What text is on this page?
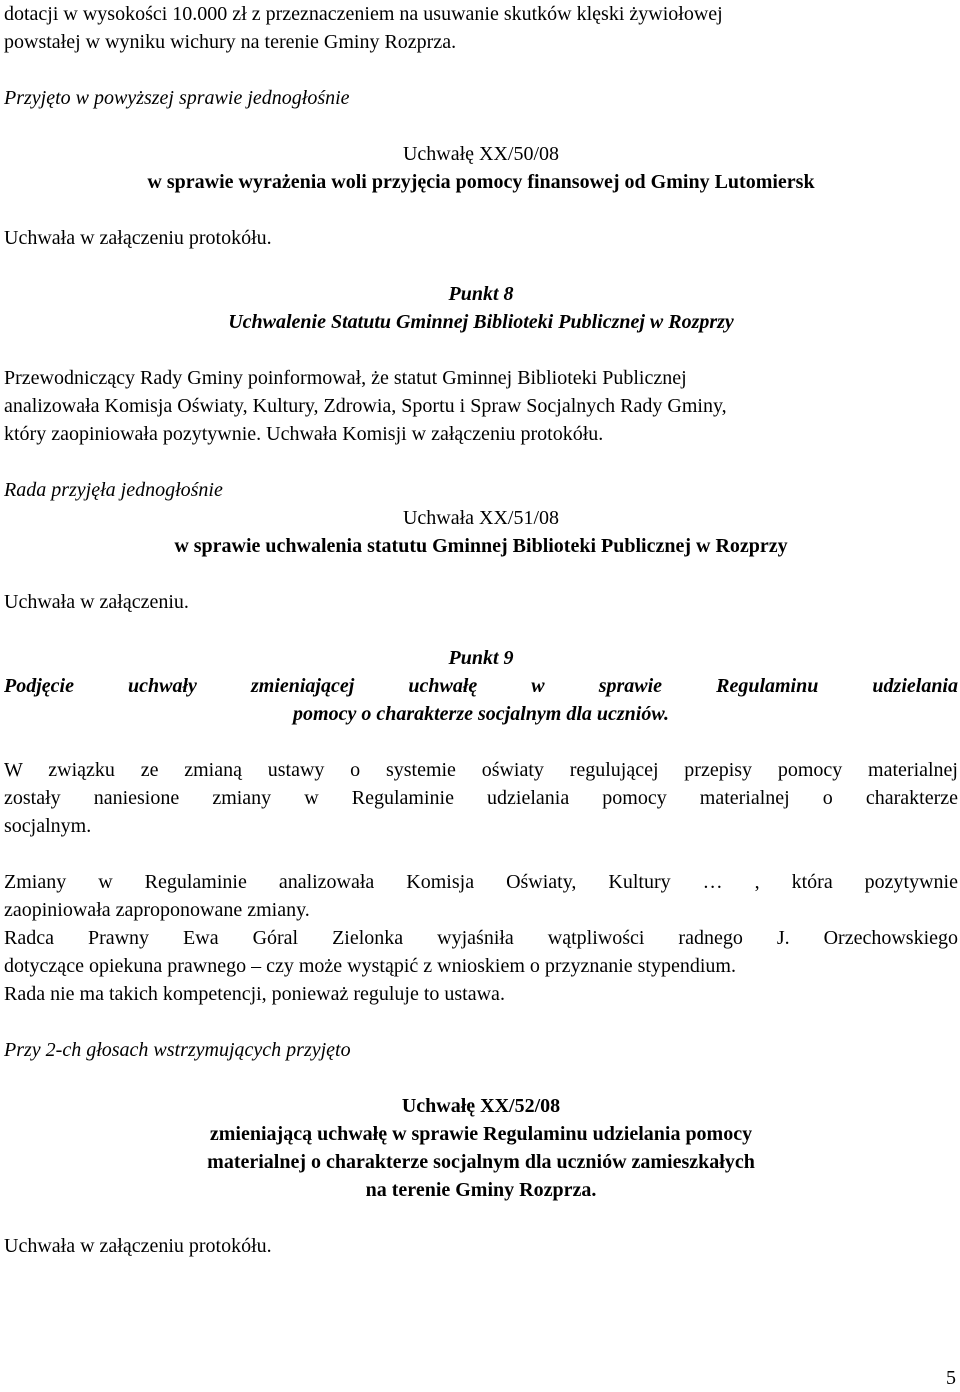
dotacji w wysokości 10.000 zł z przeznaczeniem na usuwanie skutków klęski żywiołowej

powstałej w wyniku wichury na terenie Gminy Rozprza.

Przyjęto w powyższej sprawie jednogłośnie

Uchwałę XX/50/08

w sprawie wyrażenia woli przyjęcia pomocy finansowej od Gminy Lutomiersk

Uchwała w załączeniu protokółu.

Punkt 8

Uchwalenie Statutu Gminnej Biblioteki Publicznej w Rozprzy

Przewodniczący Rady Gminy poinformował, że statut Gminnej Biblioteki Publicznej

analizowała Komisja Oświaty, Kultury, Zdrowia, Sportu i Spraw Socjalnych Rady Gminy,

który zaopiniowała pozytywnie. Uchwała Komisji w załączeniu protokółu.

Rada przyjęła jednogłośnie

Uchwała XX/51/08

w sprawie uchwalenia statutu Gminnej Biblioteki Publicznej w Rozprzy

Uchwała w załączeniu.

Punkt 9

Podjęcie uchwały zmieniającej uchwałę w sprawie Regulaminu udzielania

pomocy o charakterze socjalnym dla uczniów.

W związku ze zmianą ustawy o systemie oświaty regulującej przepisy pomocy materialnej

zostały naniesione zmiany w Regulaminie udzielania pomocy materialnej o charakterze

socjalnym.

Zmiany w Regulaminie analizowała Komisja Oświaty, Kultury … , która pozytywnie

zaopiniowała zaproponowane zmiany.

Radca Prawny Ewa Góral Zielonka wyjaśniła wątpliwości radnego J. Orzechowskiego

dotyczące opiekuna prawnego – czy może wystąpić z wnioskiem o przyznanie stypendium.

Rada nie ma takich kompetencji, ponieważ reguluje to ustawa.

Przy 2-ch głosach wstrzymujących przyjęto

Uchwałę XX/52/08

zmieniającą uchwałę w sprawie Regulaminu udzielania pomocy

materialnej o charakterze socjalnym dla uczniów zamieszkałych

na terenie Gminy Rozprza.

Uchwała w załączeniu protokółu.
5
